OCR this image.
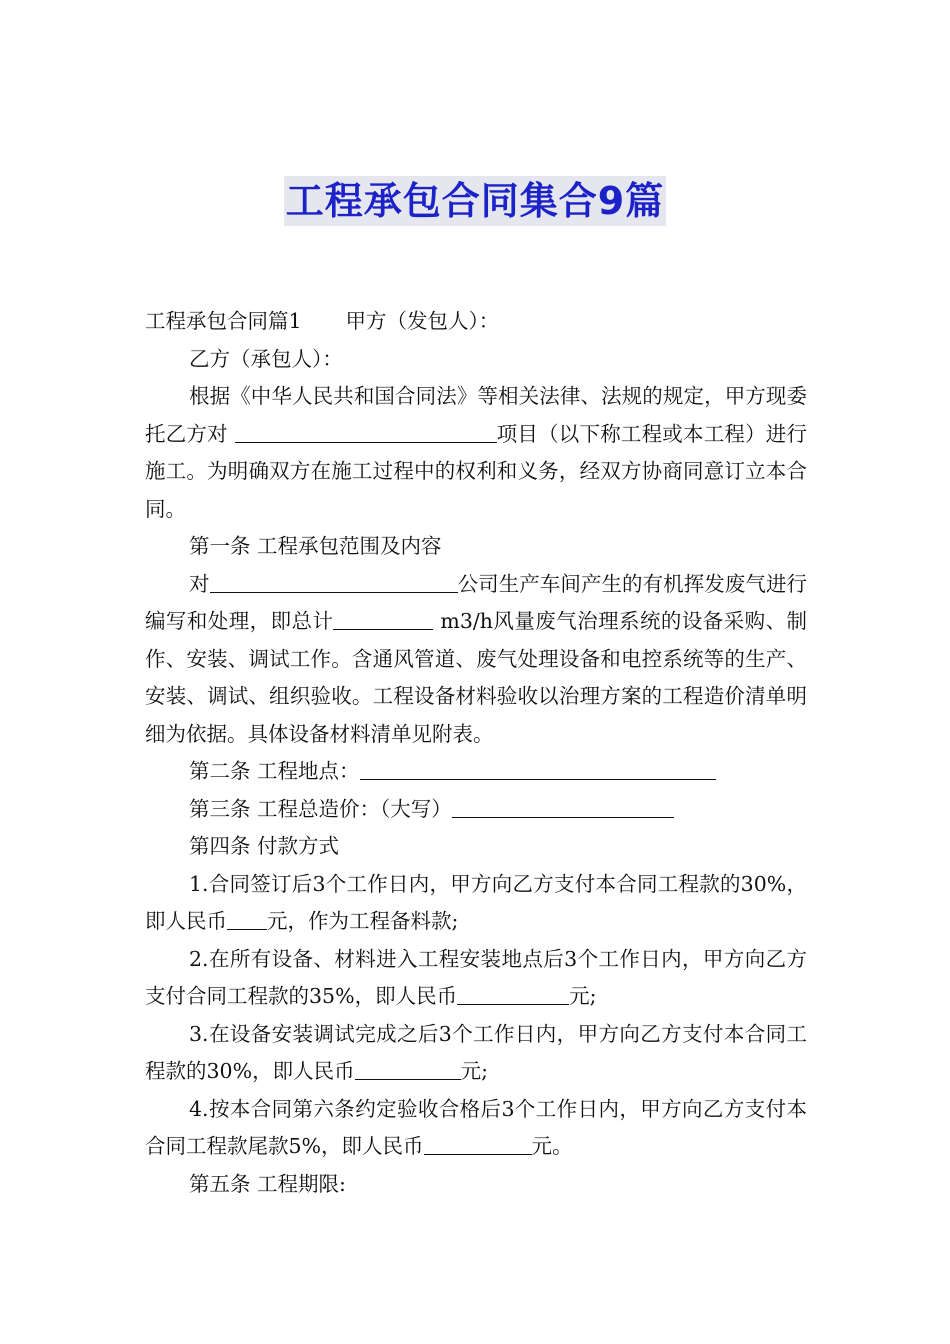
工程承包合同集合9篇

工程承包合同篇1 甲方（发包人）：

乙方（承包人）：

根据《中华人民共和国合同法》等相关法律、法规的规定，甲方现委托乙方对	项目（以下称工程或本工程）进行施工。为明确双方在施工过程中的权利和义务，经双方协商同意订立本合同。

第一条 工程承包范围及内容

对	公司生产车间产生的有机挥发废气进行编写和处理，即总计	m3/h风量废气治理系统的设备采购、制作、安装、调试工作。含通风管道、废气处理设备和电控系统等的生产、安装、调试、组织验收。工程设备材料验收以治理方案的工程造价清单明细为依据。具体设备材料清单见附表。

第二条 工程地点：

第三条 工程总造价：（大写）

第四条 付款方式

1.合同签订后3个工作日内，甲方向乙方支付本合同工程款的30%，即人民币 元，作为工程备料款;

2.在所有设备、材料进入工程安装地点后3个工作日内，甲方向乙方支付合同工程款的35%，即人民币	元;

3.在设备安装调试完成之后3个工作日内，甲方向乙方支付本合同工程款的30%，即人民币	元;

4.按本合同第六条约定验收合格后3个工作日内，甲方向乙方支付本合同工程款尾款5%，即人民币	元。

第五条 工程期限:
